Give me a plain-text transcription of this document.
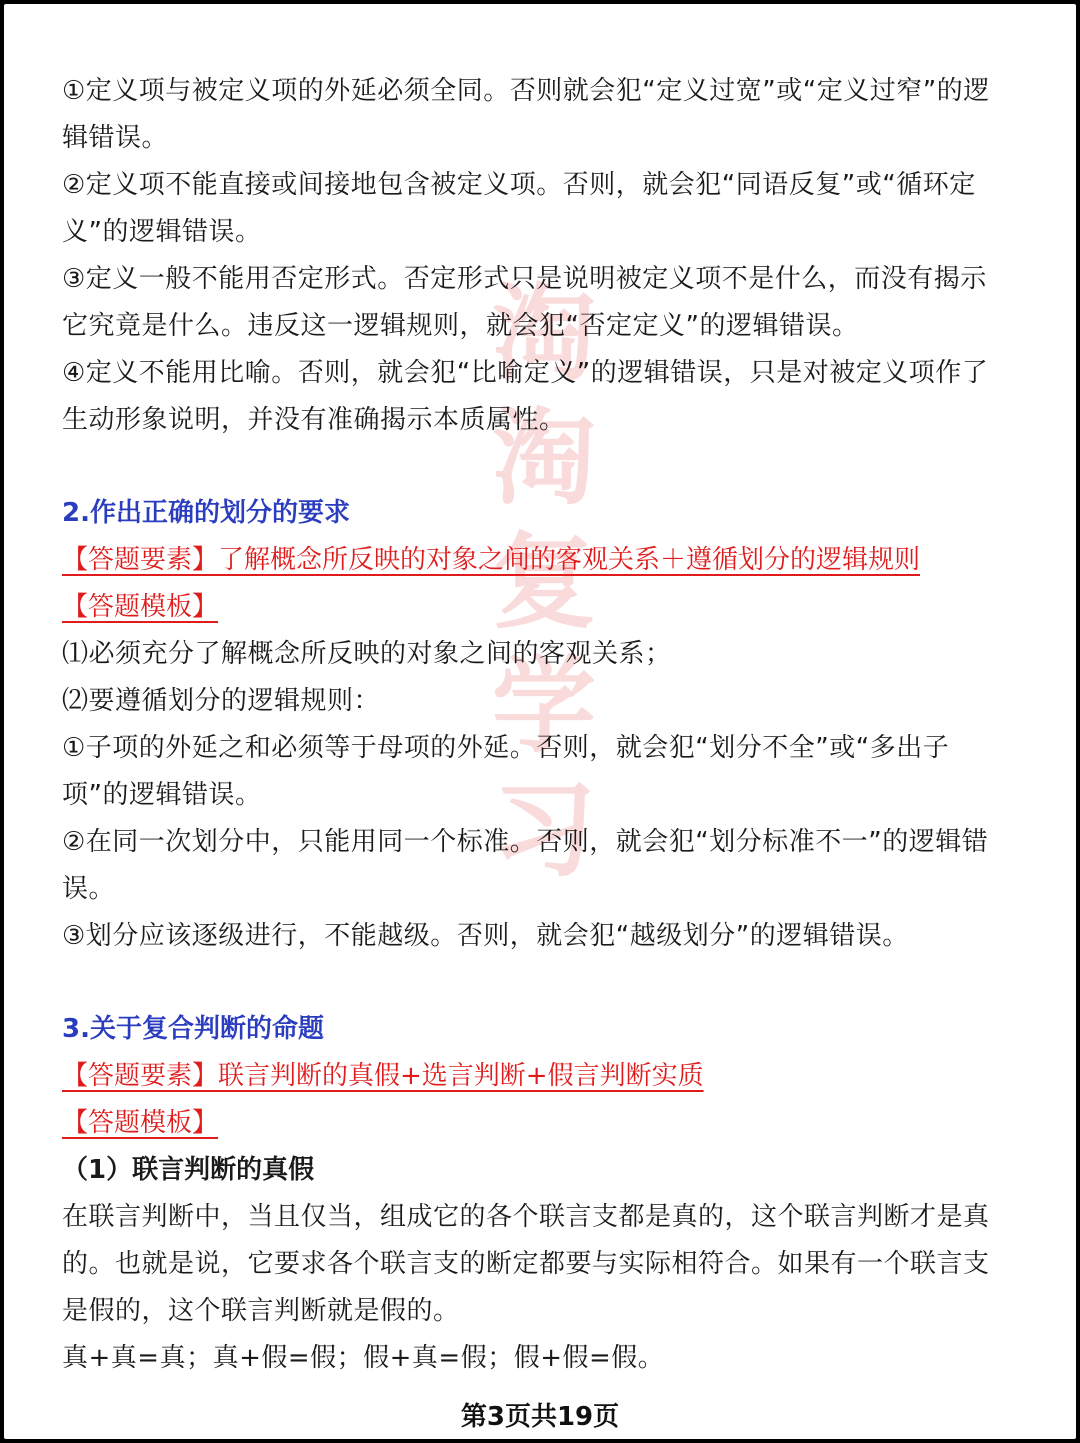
淘
淘
复
学
习

①定义项与被定义项的外延必须全同。否则就会犯“定义过宽”或“定义过窄”的逻辑错误。

②定义项不能直接或间接地包含被定义项。否则，就会犯“同语反复”或“循环定义”的逻辑错误。

③定义一般不能用否定形式。否定形式只是说明被定义项不是什么，而没有揭示它究竟是什么。违反这一逻辑规则，就会犯“否定定义”的逻辑错误。

④定义不能用比喻。否则，就会犯“比喻定义”的逻辑错误，只是对被定义项作了生动形象说明，并没有准确揭示本质属性。

2.作出正确的划分的要求

【答题要素】了解概念所反映的对象之间的客观关系＋遵循划分的逻辑规则

【答题模板】

⑴必须充分了解概念所反映的对象之间的客观关系；

⑵要遵循划分的逻辑规则：

①子项的外延之和必须等于母项的外延。否则，就会犯“划分不全”或“多出子项”的逻辑错误。

②在同一次划分中，只能用同一个标准。否则，就会犯“划分标准不一”的逻辑错误。

③划分应该逐级进行，不能越级。否则，就会犯“越级划分”的逻辑错误。

3.关于复合判断的命题

【答题要素】联言判断的真假+选言判断+假言判断实质

【答题模板】

（1）联言判断的真假

在联言判断中，当且仅当，组成它的各个联言支都是真的，这个联言判断才是真的。也就是说，它要求各个联言支的断定都要与实际相符合。如果有一个联言支是假的，这个联言判断就是假的。

真+真=真；真+假=假；假+真=假；假+假=假。

第3页共19页
